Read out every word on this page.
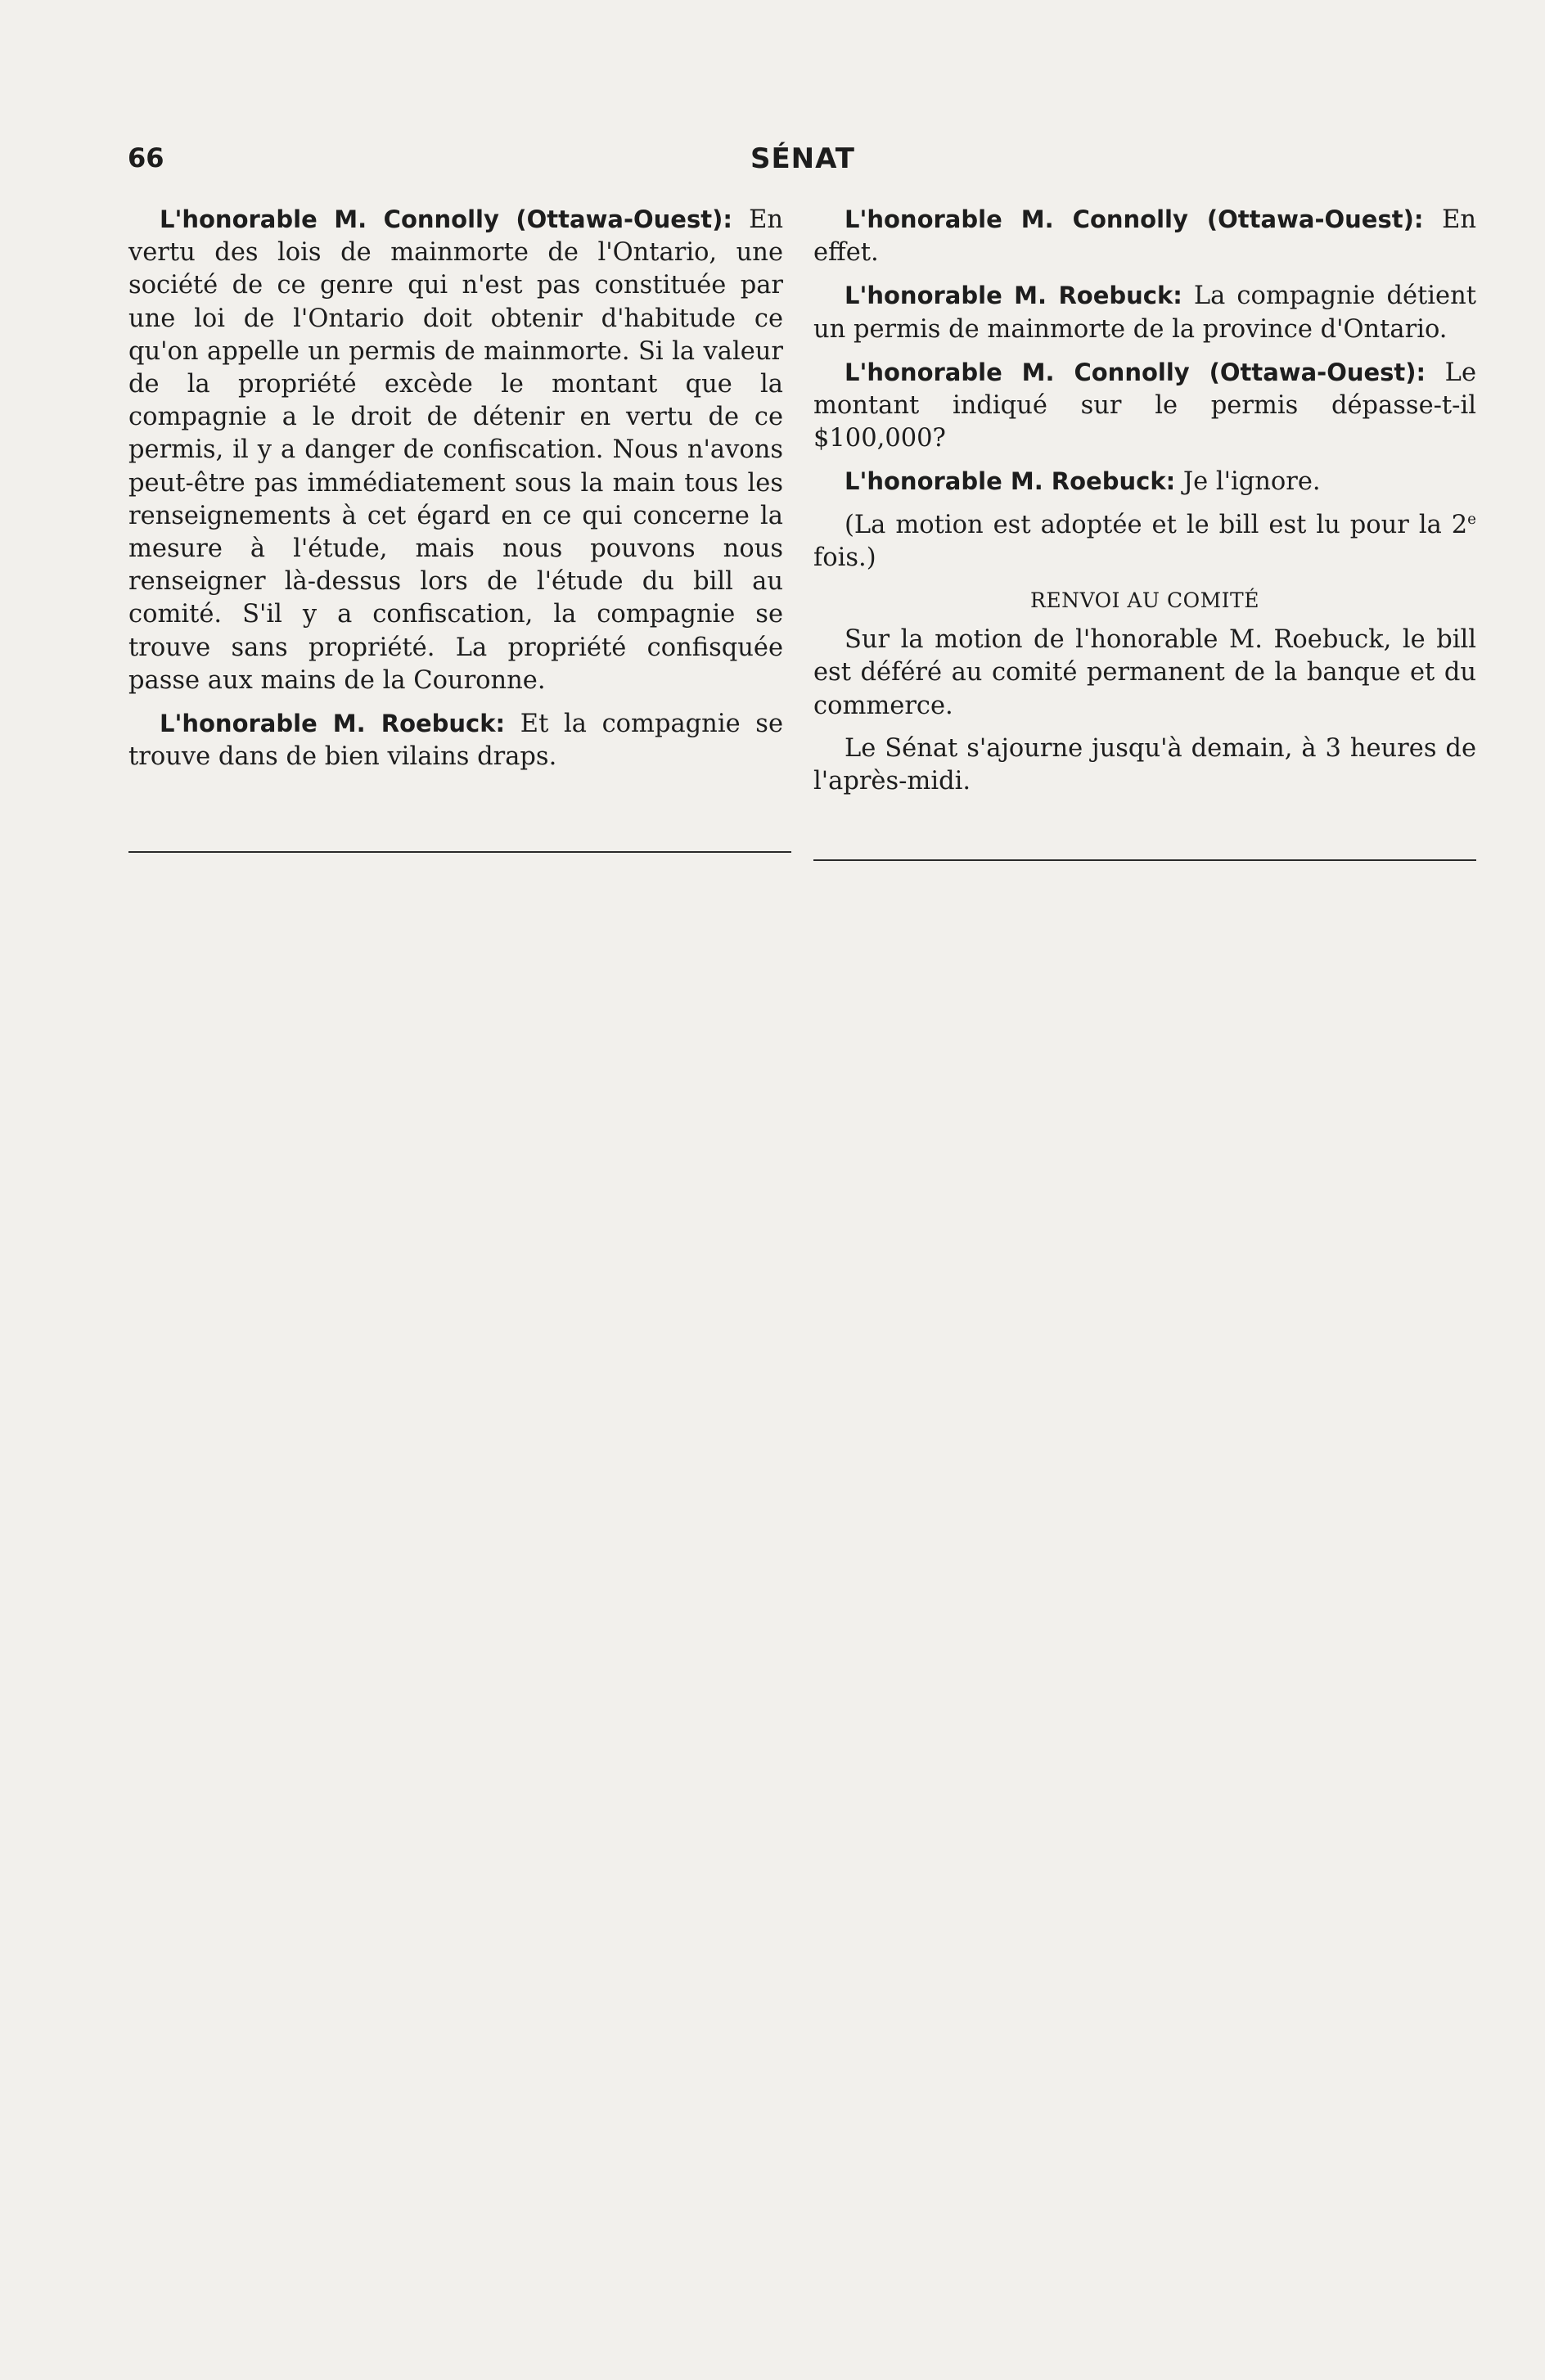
66	SÉNAT

L'honorable M. Connolly (Ottawa-Ouest): En vertu des lois de mainmorte de l'Ontario, une société de ce genre qui n'est pas constituée par une loi de l'Ontario doit obtenir d'habitude ce qu'on appelle un permis de mainmorte. Si la valeur de la propriété excède le montant que la compagnie a le droit de détenir en vertu de ce permis, il y a danger de confiscation. Nous n'avons peut-être pas immédiatement sous la main tous les renseignements à cet égard en ce qui concerne la mesure à l'étude, mais nous pouvons nous renseigner là-dessus lors de l'étude du bill au comité. S'il y a confiscation, la compagnie se trouve sans propriété. La propriété confisquée passe aux mains de la Couronne.

L'honorable M. Roebuck: Et la compagnie se trouve dans de bien vilains draps.

L'honorable M. Connolly (Ottawa-Ouest): En effet.

L'honorable M. Roebuck: La compagnie détient un permis de mainmorte de la province d'Ontario.

L'honorable M. Connolly (Ottawa-Ouest): Le montant indiqué sur le permis dépasse-t-il $100,000?

L'honorable M. Roebuck: Je l'ignore.

(La motion est adoptée et le bill est lu pour la 2e fois.)

RENVOI AU COMITÉ

Sur la motion de l'honorable M. Roebuck, le bill est déféré au comité permanent de la banque et du commerce.

Le Sénat s'ajourne jusqu'à demain, à 3 heures de l'après-midi.
